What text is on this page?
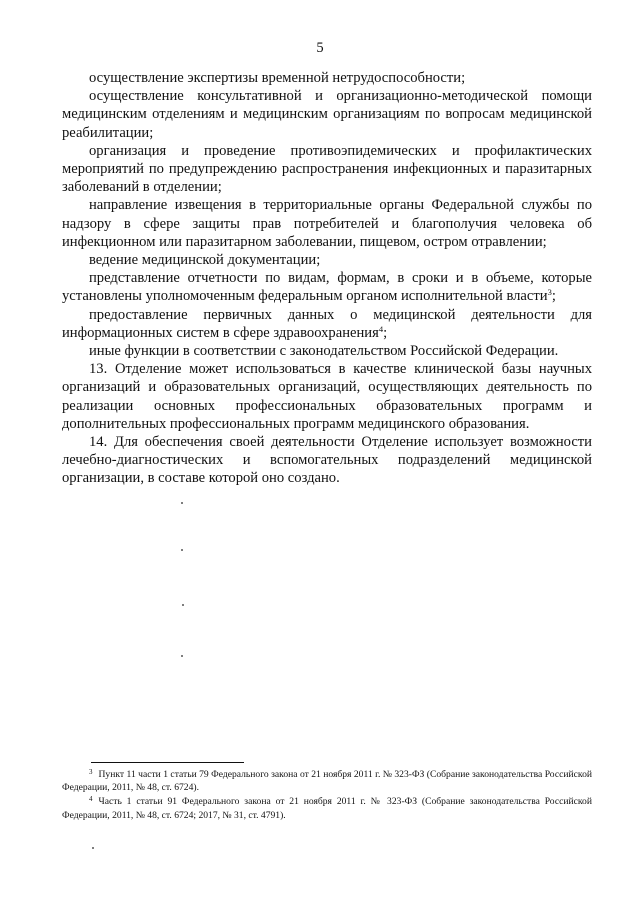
5

осуществление экспертизы временной нетрудоспособности;

осуществление консультативной и организационно-методической помощи медицинским отделениям и медицинским организациям по вопросам медицинской реабилитации;

организация и проведение противоэпидемических и профилактических мероприятий по предупреждению распространения инфекционных и паразитарных заболеваний в отделении;

направление извещения в территориальные органы Федеральной службы по надзору в сфере защиты прав потребителей и благополучия человека об инфекционном или паразитарном заболевании, пищевом, остром отравлении;

ведение медицинской документации;

представление отчетности по видам, формам, в сроки и в объеме, которые установлены уполномоченным федеральным органом исполнительной власти$^3$;

предоставление первичных данных о медицинской деятельности для информационных систем в сфере здравоохранения$^4$;

иные функции в соответствии с законодательством Российской Федерации.

13. Отделение может использоваться в качестве клинической базы научных организаций и образовательных организаций, осуществляющих деятельность по реализации основных профессиональных образовательных программ и дополнительных профессиональных программ медицинского образования.

14. Для обеспечения своей деятельности Отделение использует возможности лечебно-диагностических и вспомогательных подразделений медицинской организации, в составе которой оно создано.

$^3$ Пункт 11 части 1 статьи 79 Федерального закона от 21 ноября 2011 г. № 323-ФЗ (Собрание законодательства Российской Федерации, 2011, № 48, ст. 6724).

$^4$ Часть 1 статьи 91 Федерального закона от 21 ноября 2011 г. № 323-ФЗ (Собрание законодательства Российской Федерации, 2011, № 48, ст. 6724; 2017, № 31, ст. 4791).
